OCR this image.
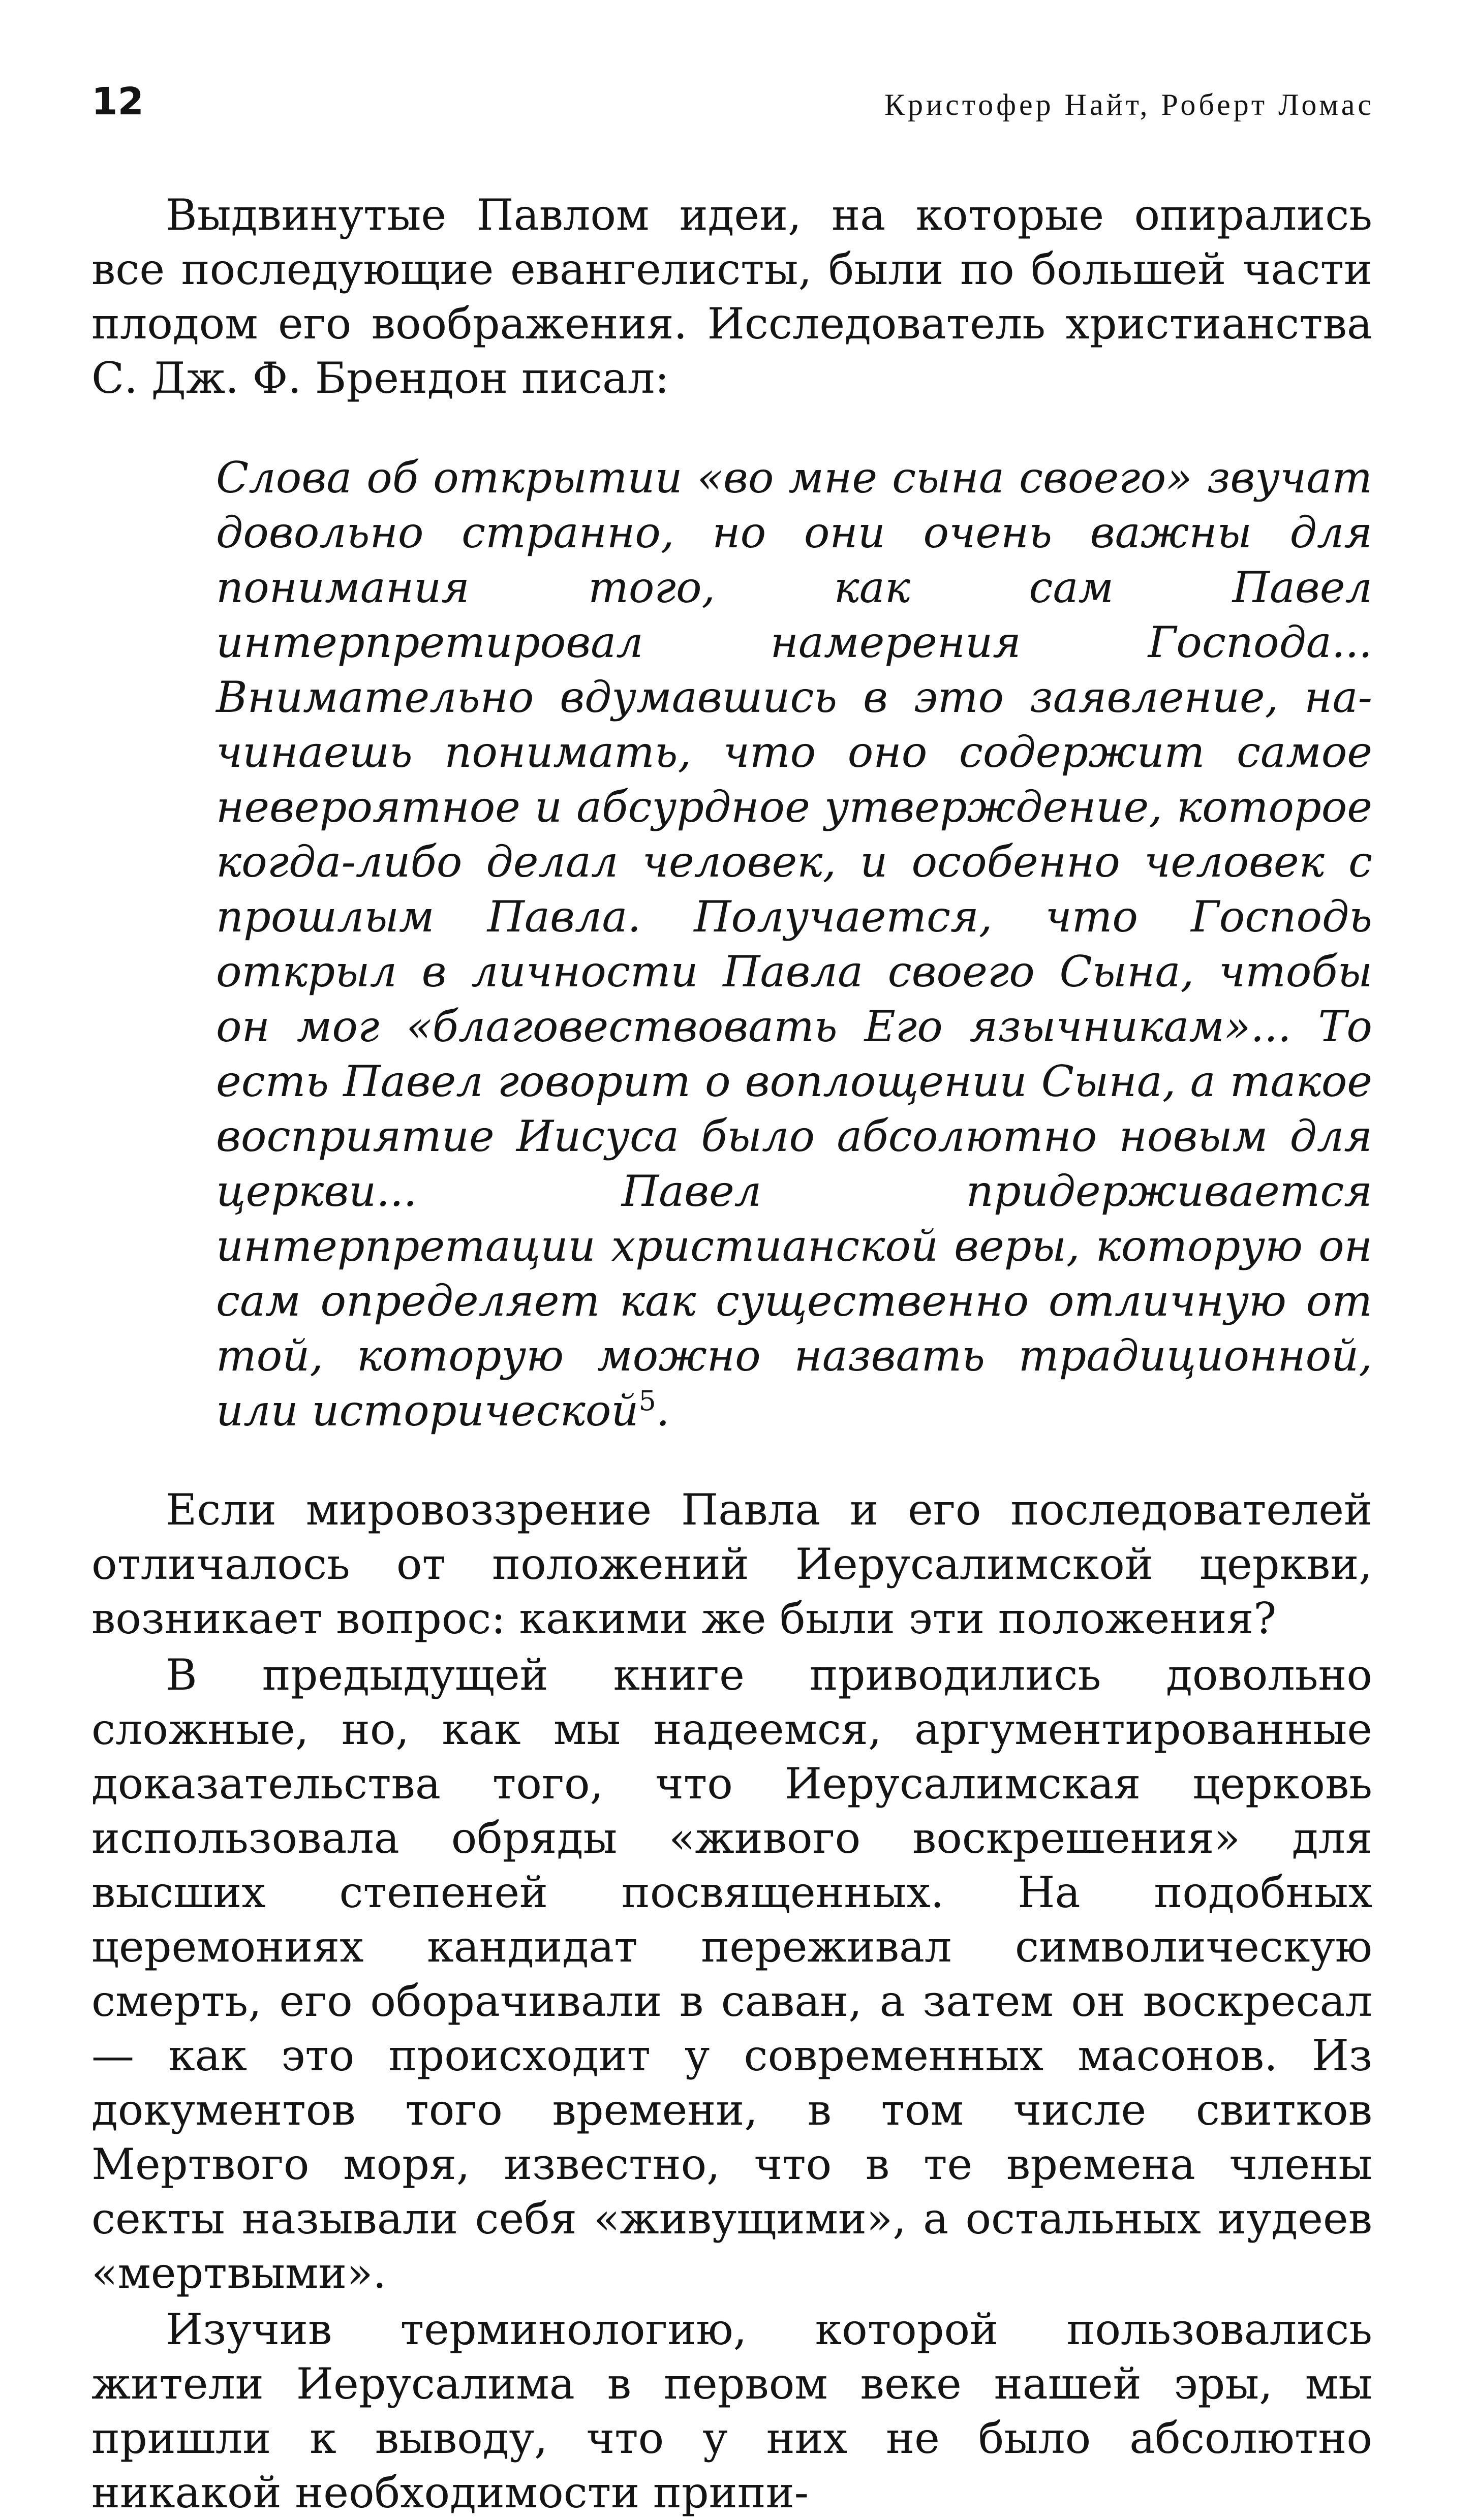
12	Кристофер Найт, Роберт Ломас

Выдвинутые Павлом идеи, на которые опирались все последующие евангелисты, были по большей части плодом его воображения. Исследователь христианства С. Дж. Ф. Брендон писал:

Слова об открытии «во мне сына своего» звучат довольно странно, но они очень важны для понимания того, как сам Павел интерпретировал намерения Господа... Внимательно вдумавшись в это заявление, начинаешь понимать, что оно содержит самое невероятное и абсурдное утверждение, которое когда-либо делал человек, и особенно человек с прошлым Павла. Получается, что Господь открыл в личности Павла своего Сына, чтобы он мог «благовествовать Его язычникам»... То есть Павел говорит о воплощении Сына, а такое восприятие Иисуса было абсолютно новым для церкви... Павел придерживается интерпретации христианской веры, которую он сам определяет как существенно отличную от той, которую можно назвать традиционной, или исторической$^5$.

Если мировоззрение Павла и его последователей отличалось от положений Иерусалимской церкви, возникает вопрос: какими же были эти положения?

В предыдущей книге приводились довольно сложные, но, как мы надеемся, аргументированные доказательства того, что Иерусалимская церковь использовала обряды «живого воскрешения» для высших степеней посвященных. На подобных церемониях кандидат переживал символическую смерть, его оборачивали в саван, а затем он воскресал — как это происходит у современных масонов. Из документов того времени, в том числе свитков Мертвого моря, известно, что в те времена члены секты называли себя «живущими», а остальных иудеев «мертвыми».

Изучив терминологию, которой пользовались жители Иерусалима в первом веке нашей эры, мы пришли к выводу, что у них не было абсолютно никакой необходимости припи-
